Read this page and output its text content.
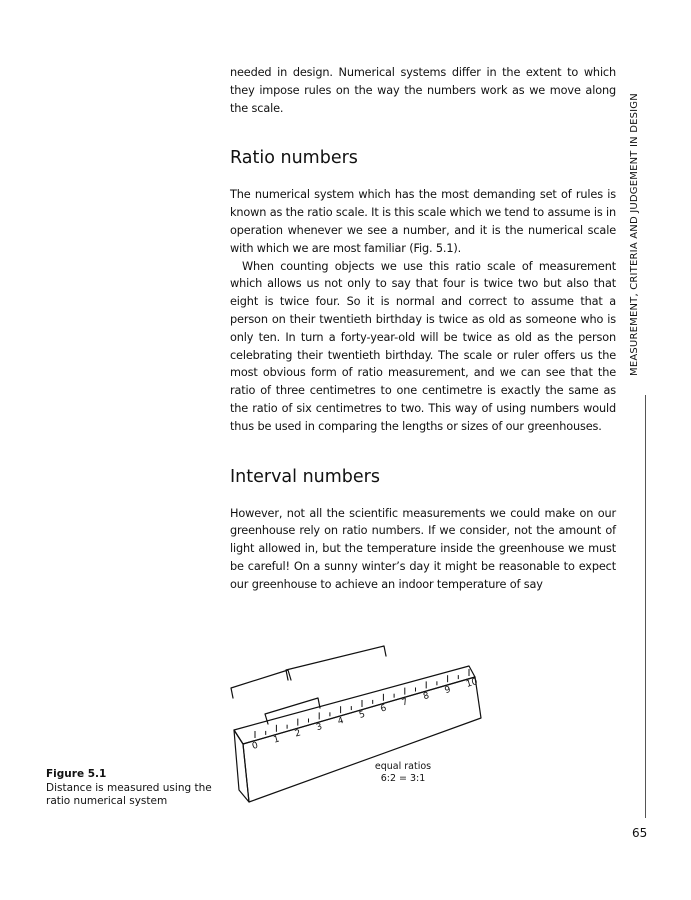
needed in design. Numerical systems differ in the extent to which they impose rules on the way the numbers work as we move along the scale.

Ratio numbers

The numerical system which has the most demanding set of rules is known as the ratio scale. It is this scale which we tend to assume is in operation whenever we see a number, and it is the numerical scale with which we are most familiar (Fig. 5.1).

When counting objects we use this ratio scale of measurement which allows us not only to say that four is twice two but also that eight is twice four. So it is normal and correct to assume that a person on their twentieth birthday is twice as old as someone who is only ten. In turn a forty-year-old will be twice as old as the person celebrating their twentieth birthday. The scale or ruler offers us the most obvious form of ratio measurement, and we can see that the ratio of three centimetres to one centimetre is exactly the same as the ratio of six centimetres to two. This way of using numbers would thus be used in comparing the lengths or sizes of our greenhouses.

Interval numbers

However, not all the scientific measurements we could make on our greenhouse rely on ratio numbers. If we consider, not the amount of light allowed in, but the temperature inside the greenhouse we must be careful! On a sunny winter’s day it might be reasonable to expect our greenhouse to achieve an indoor temperature of say

MEASUREMENT, CRITERIA AND JUDGEMENT IN DESIGN
65
0
1
2
3
4
5
6
7
8
9
10
equal ratios
6:2 = 3:1
Figure 5.1
Distance is measured using the ratio numerical system
